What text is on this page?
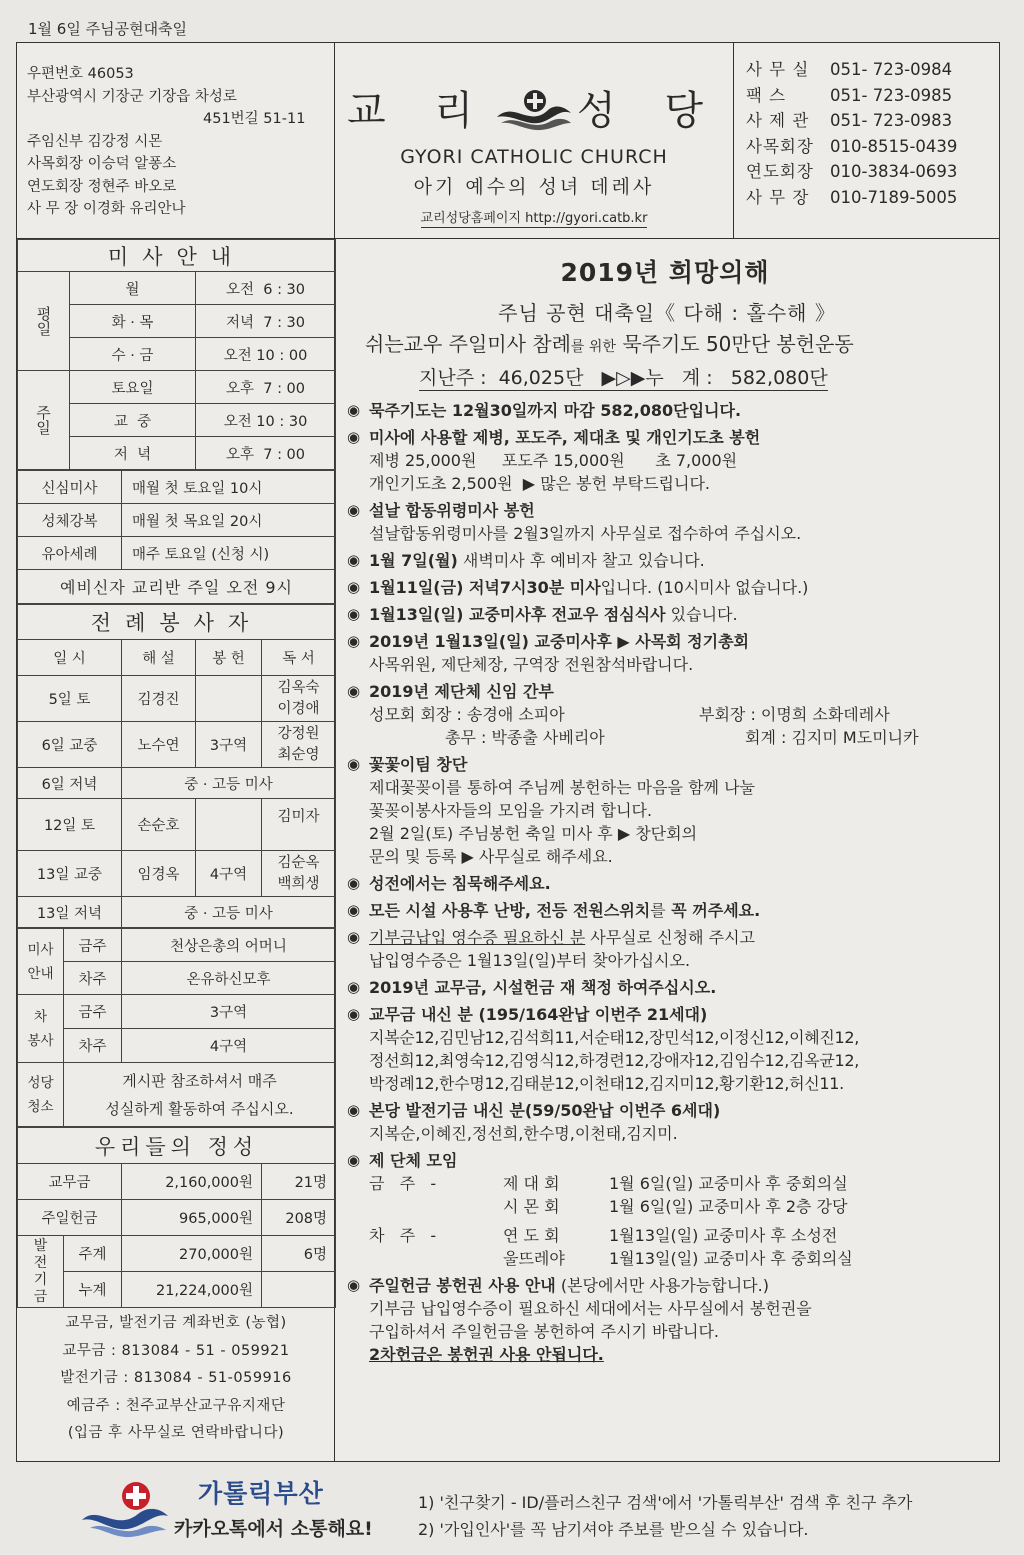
1월 6일 주님공현대축일
우편번호 46053
부산광역시 기장군 기장읍 차성로
451번길 51-11
주임신부 김강정 시몬
사목회장 이승덕 알퐁소
연도회장 정현주 바오로
사 무 장 이경화 유리안나
교 리 성 당
GYORI CATHOLIC CHURCH
아기 예수의 성녀 데레사
교리성당홈페이지 http://gyori.catb.kr
사 무 실	051- 723-0984
팩 스	051- 723-0985
사 제 관	051- 723-0983
사목회장 010-8515-0439
연도회장 010-3834-0693
사 무 장	010-7189-5005
미사안내		
평일	월	오전  6 : 30
	화 · 목	저녁  7 : 30
	수 · 금	오전 10 : 00
주일	토요일	오후  7 : 00
	교  중	오전 10 : 30
	저  녁	오후  7 : 00
신심미사	매월 첫 토요일 10시
성체강복	매월 첫 목요일 20시
유아세례	매주 토요일 (신청 시)
예비신자 교리반 주일 오전 9시	
전례봉사자			
일 시	해 설	봉 헌	독 서
5일 토	김경진		김옥숙
이경애
6일 교중	노수연	3구역	강정원
최순영
6일 저녁	중 · 고등 미사		
12일 토	손순호		김미자
13일 교중	임경옥	4구역	김순옥
백희생
13일 저녁	중 · 고등 미사		
미사
안내	금주	천상은총의 어머니
	차주	온유하신모후
차
봉사	금주	3구역
	차주	4구역
성당
청소	게시판 참조하셔서 매주
성실하게 활동하여 주십시오.	
우리들의 정성			
교무금		2,160,000원	21명
주일헌금		965,000원	208명
발
전
기
금	주계	270,000원	6명
	누계	21,224,000원	
교무금, 발전기금 계좌번호 (농협)
교무금 : 813084 - 51 - 059921
발전기금 : 813084 - 51-059916
예금주 : 천주교부산교구유지재단
(입금 후 사무실로 연락바랍니다)
2019년 희망의해
주님 공현 대축일《 다해 : 홀수해 》
쉬는교우 주일미사 참례를 위한 묵주기도 50만단 봉헌운동
지난주 :  46,025단   ▶▷▶누   계 :   582,080단
◉ 묵주기도는 12월30일까지 마감 582,080단입니다.
◉ 미사에 사용할 제병, 포도주, 제대초 및 개인기도초 봉헌
제병 25,000원     포도주 15,000원      초 7,000원
개인기도초 2,500원  ▶ 많은 봉헌 부탁드립니다.
◉ 설날 합동위령미사 봉헌
설날합동위령미사를 2월3일까지 사무실로 접수하여 주십시오.
◉ 1월 7일(월) 새벽미사 후 예비자 찰고 있습니다.
◉ 1월11일(금) 저녁7시30분 미사입니다. (10시미사 없습니다.)
◉ 1월13일(일) 교중미사후 전교우 점심식사 있습니다.
◉ 2019년 1월13일(일) 교중미사후 ▶ 사목회 정기총회
사목위원, 제단체장, 구역장 전원참석바랍니다.
◉ 2019년 제단체 신임 간부
성모회 회장 : 송경애 소피아	부회장 : 이명희 소화데레사
총무 : 박종출 사베리아	회계 : 김지미 M도미니카
◉ 꽃꽃이팀 창단
제대꽃꽂이를 통하여 주님께 봉헌하는 마음을 함께 나눌
꽃꽂이봉사자들의 모임을 가지려 합니다.
2월 2일(토) 주님봉헌 축일 미사 후 ▶ 창단회의
문의 및 등록 ▶ 사무실로 해주세요.
◉ 성전에서는 침묵해주세요.
◉ 모든 시설 사용후 난방, 전등 전원스위치를 꼭 꺼주세요.
◉ 기부금납입 영수증 필요하신 분 사무실로 신청해 주시고
납입영수증은 1월13일(일)부터 찾아가십시오.
◉ 2019년 교무금, 시설헌금 재 책정 하여주십시오.
◉ 교무금 내신 분 (195/164완납 이번주 21세대)
지복순12,김민남12,김석희11,서순태12,장민석12,이정신12,이혜진12,
정선희12,최영숙12,김영식12,하경련12,강애자12,김임수12,김옥균12,
박정례12,한수명12,김태분12,이천태12,김지미12,황기환12,허신11.
◉ 본당 발전기금 내신 분(59/50완납 이번주 6세대)
지복순,이혜진,정선희,한수명,이천태,김지미.
◉ 제 단체 모임
금   주   -	제 대 회	1월 6일(일) 교중미사 후 중회의실
시 몬 회	1월 6일(일) 교중미사 후 2층 강당
차   주   -	연 도 회	1월13일(일) 교중미사 후 소성전
울뜨레야	1월13일(일) 교중미사 후 중회의실
◉ 주일헌금 봉헌권 사용 안내 (본당에서만 사용가능합니다.)
기부금 납입영수증이 필요하신 세대에서는 사무실에서 봉헌권을
구입하셔서 주일헌금을 봉헌하여 주시기 바랍니다.
2차헌금은 봉헌권 사용 안됩니다.
가톨릭부산
카카오톡에서 소통해요!
1) '친구찾기 - ID/플러스친구 검색'에서 '가톨릭부산' 검색 후 친구 추가
2) '가입인사'를 꼭 남기셔야 주보를 받으실 수 있습니다.
